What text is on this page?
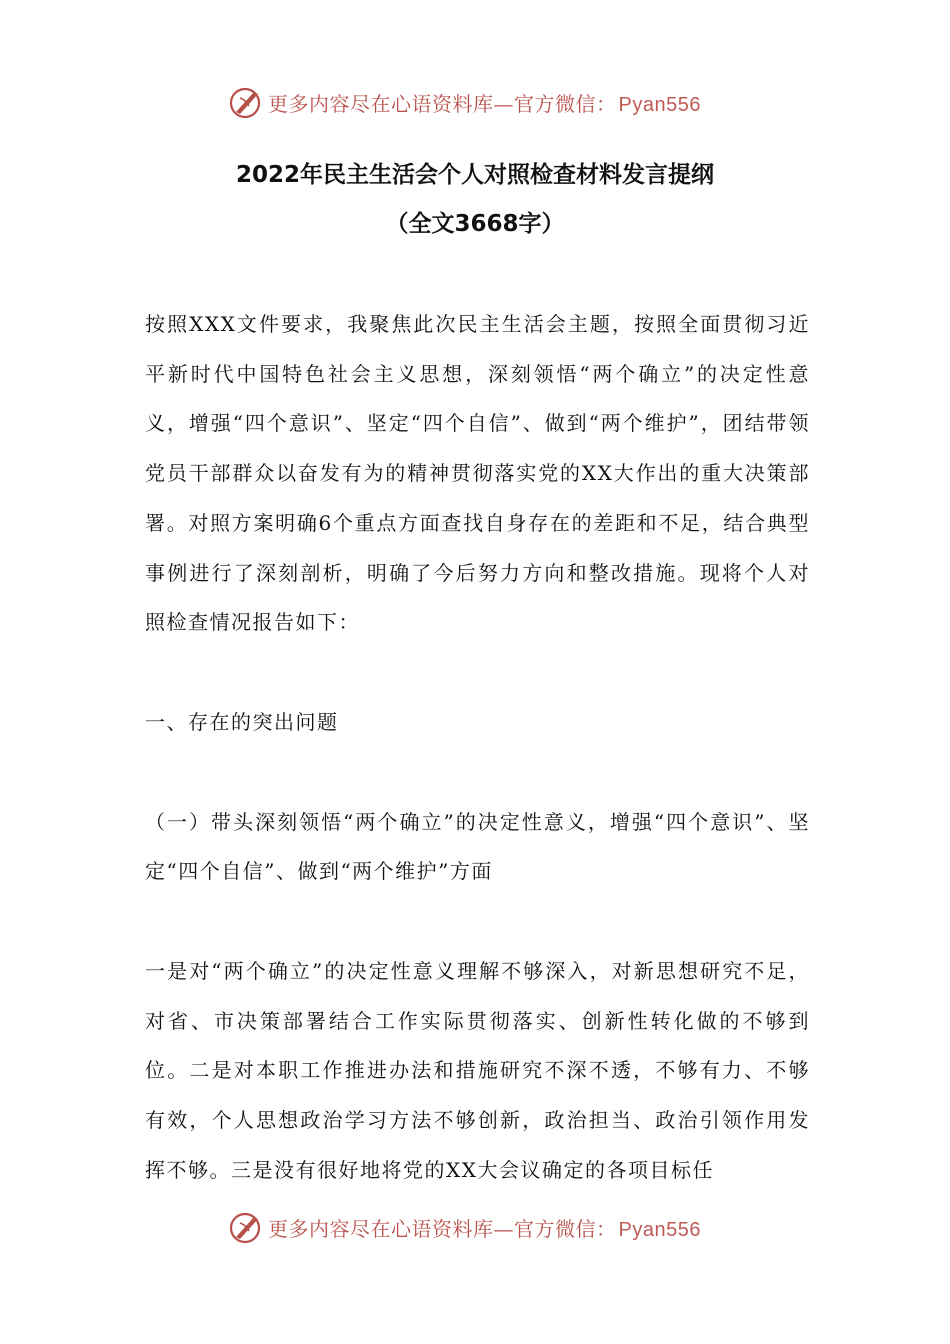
更多内容尽在心语资料库—官方微信： Pyan556
2022年民主生活会个人对照检查材料发言提纲
（全文3668字）

按照XXX文件要求，我聚焦此次民主生活会主题，按照全面贯彻习近平新时代中国特色社会主义思想，深刻领悟“两个确立”的决定性意义，增强“四个意识”、坚定“四个自信”、做到“两个维护”，团结带领党员干部群众以奋发有为的精神贯彻落实党的XX大作出的重大决策部署。对照方案明确6个重点方面查找自身存在的差距和不足，结合典型事例进行了深刻剖析，明确了今后努力方向和整改措施。现将个人对照检查情况报告如下：

一、存在的突出问题

（一）带头深刻领悟“两个确立”的决定性意义，增强“四个意识”、坚定“四个自信”、做到“两个维护”方面

一是对“两个确立”的决定性意义理解不够深入，对新思想研究不足，对省、市决策部署结合工作实际贯彻落实、创新性转化做的不够到位。二是对本职工作推进办法和措施研究不深不透，不够有力、不够有效，个人思想政治学习方法不够创新，政治担当、政治引领作用发挥不够。三是没有很好地将党的XX大会议确定的各项目标任

更多内容尽在心语资料库—官方微信： Pyan556
